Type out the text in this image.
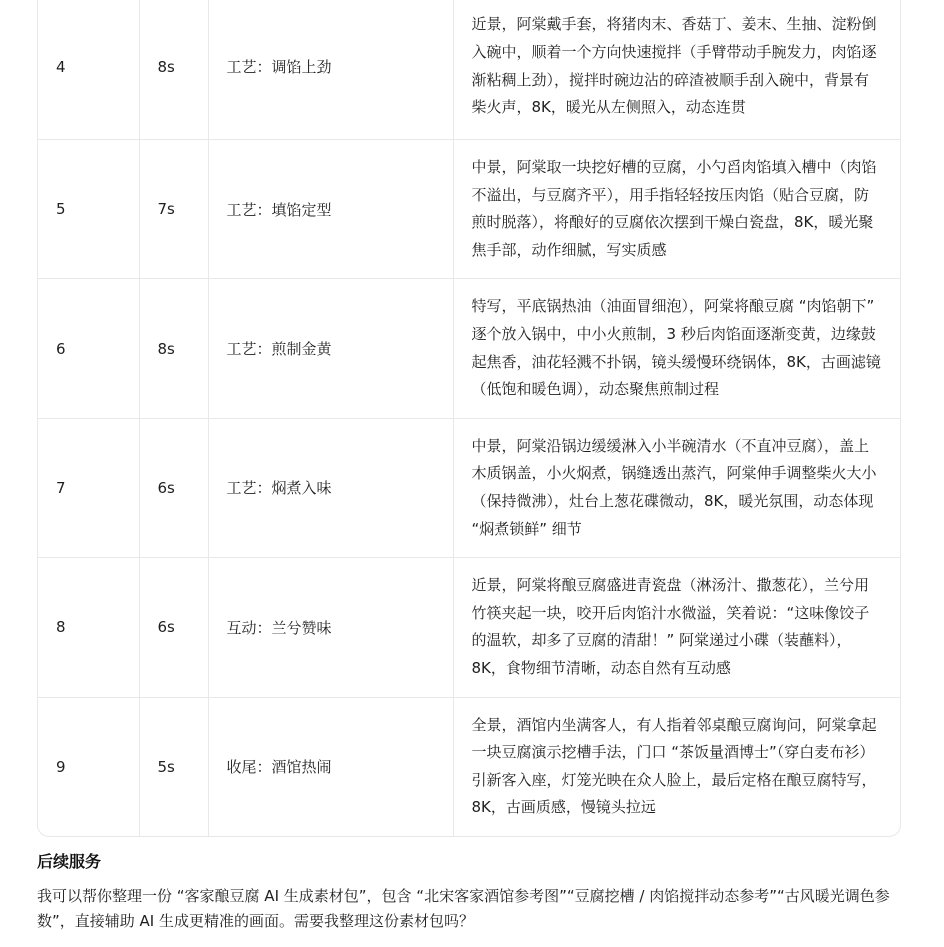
4	8s	工艺：调馅上劲	近景，阿棠戴手套，将猪肉末、香菇丁、姜末、生抽、淀粉倒入碗中，顺着一个方向快速搅拌（手臂带动手腕发力，肉馅逐渐粘稠上劲），搅拌时碗边沾的碎渣被顺手刮入碗中，背景有柴火声，8K，暖光从左侧照入，动态连贯
5	7s	工艺：填馅定型	中景，阿棠取一块挖好槽的豆腐，小勺舀肉馅填入槽中（肉馅不溢出，与豆腐齐平），用手指轻轻按压肉馅（贴合豆腐，防煎时脱落），将酿好的豆腐依次摆到干燥白瓷盘，8K，暖光聚焦手部，动作细腻，写实质感
6	8s	工艺：煎制金黄	特写，平底锅热油（油面冒细泡），阿棠将酿豆腐 “肉馅朝下” 逐个放入锅中，中小火煎制，3 秒后肉馅面逐渐变黄，边缘鼓起焦香，油花轻溅不扑锅，镜头缓慢环绕锅体，8K，古画滤镜（低饱和暖色调），动态聚焦煎制过程
7	6s	工艺：焖煮入味	中景，阿棠沿锅边缓缓淋入小半碗清水（不直冲豆腐），盖上木质锅盖，小火焖煮，锅缝透出蒸汽，阿棠伸手调整柴火大小（保持微沸），灶台上葱花碟微动，8K，暖光氛围，动态体现 “焖煮锁鲜” 细节
8	6s	互动：兰兮赞味	近景，阿棠将酿豆腐盛进青瓷盘（淋汤汁、撒葱花），兰兮用竹筷夹起一块，咬开后肉馅汁水微溢，笑着说：“这味像饺子的温软，却多了豆腐的清甜！” 阿棠递过小碟（装蘸料），8K，食物细节清晰，动态自然有互动感
9	5s	收尾：酒馆热闹	全景，酒馆内坐满客人，有人指着邻桌酿豆腐询问，阿棠拿起一块豆腐演示挖槽手法，门口 “茶饭量酒博士”（穿白麦布衫）引新客入座，灯笼光映在众人脸上，最后定格在酿豆腐特写，8K，古画质感，慢镜头拉远
后续服务
我可以帮你整理一份 “客家酿豆腐 AI 生成素材包”，包含 “北宋客家酒馆参考图”“豆腐挖槽 / 肉馅搅拌动态参考”“古风暖光调色参数”，直接辅助 AI 生成更精准的画面。需要我整理这份素材包吗？
